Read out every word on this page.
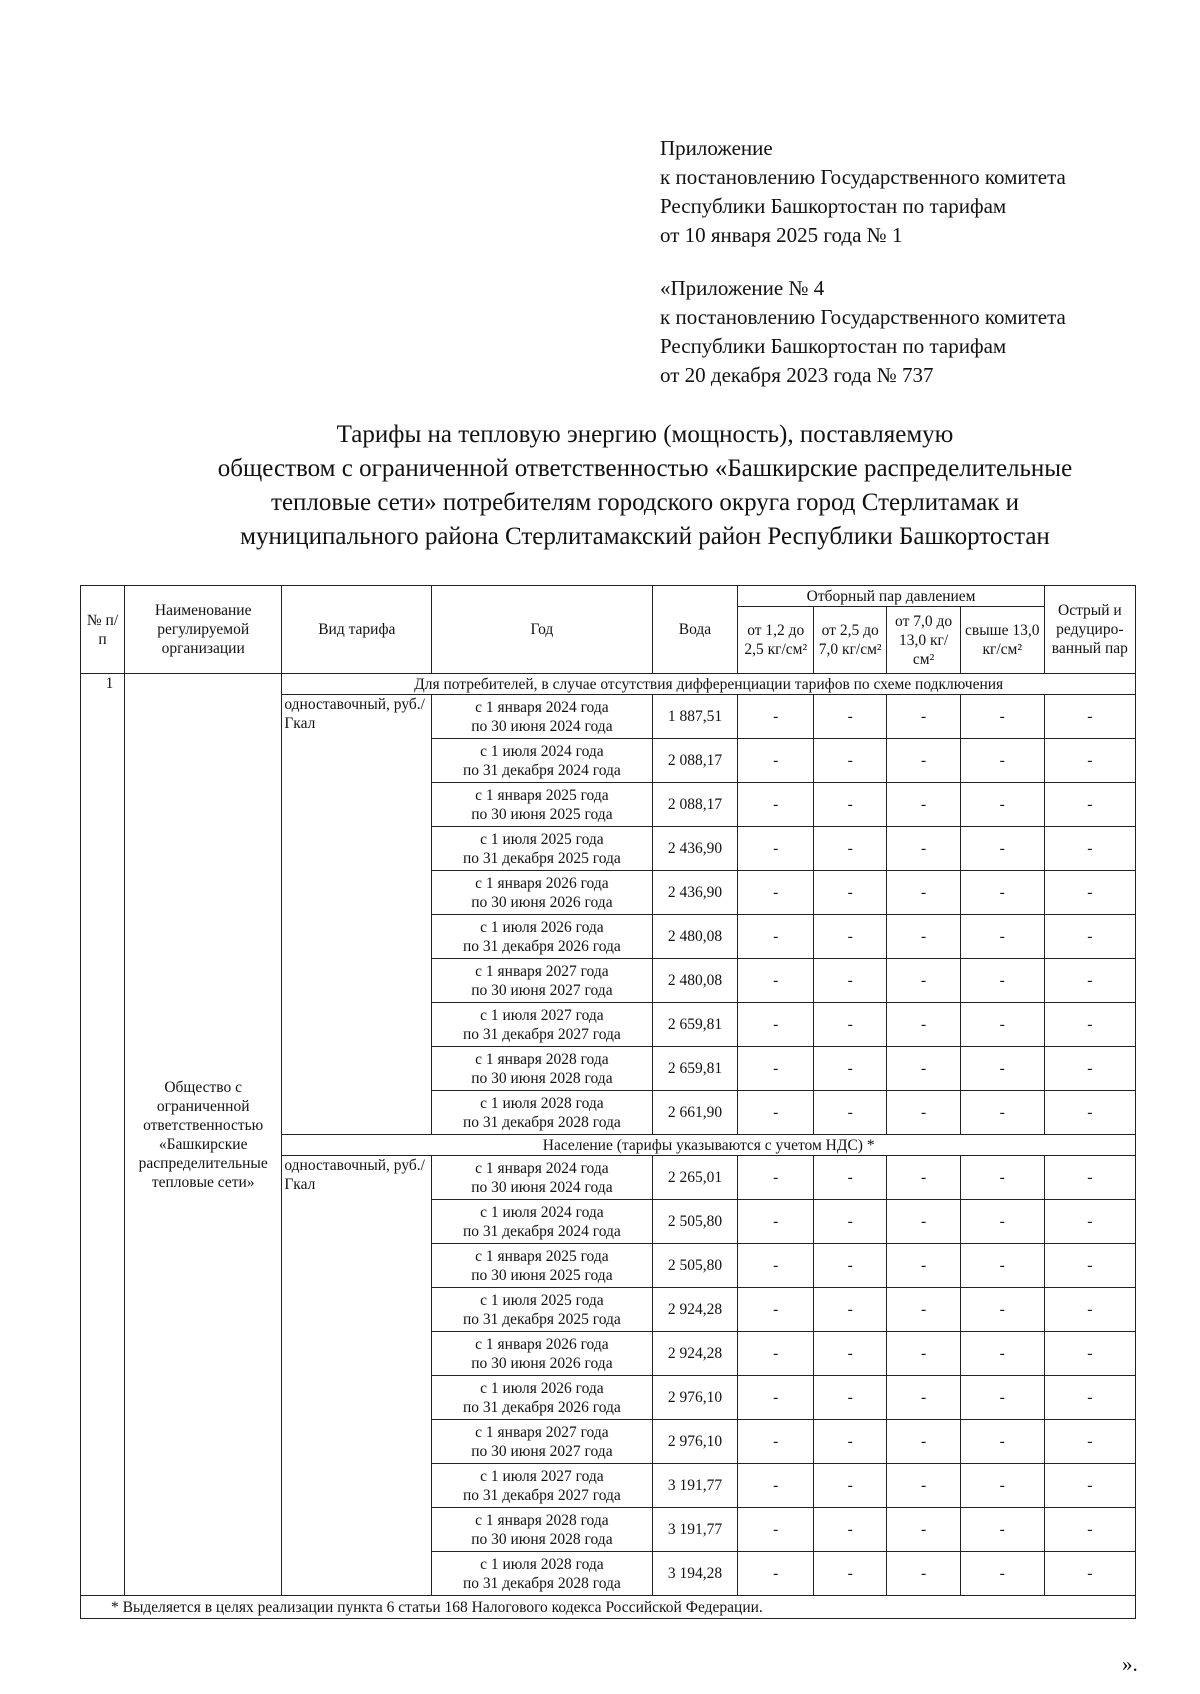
Приложение
к постановлению Государственного комитета
Республики Башкортостан по тарифам
от 10 января 2025 года № 1
«Приложение № 4
к постановлению Государственного комитета
Республики Башкортостан по тарифам
от 20 декабря 2023 года № 737
Тарифы на тепловую энергию (мощность), поставляемую
обществом с ограниченной ответственностью «Башкирские распределительные
тепловые сети» потребителям городского округа город Стерлитамак и
муниципального района Стерлитамакский район Республики Башкортостан
№ п/п	Наименование регулируемой организации	Вид тарифа	Год	Вода	Отборный пар давлением				Острый и редуциро-ванный пар
					от 1,2 до 2,5 кг/см²	от 2,5 до 7,0 кг/см²	от 7,0 до 13,0 кг/см²	свыше 13,0 кг/см²	
1	Общество с ограниченной ответственностью «Башкирские распределительные тепловые сети»	Для потребителей, в случае отсутствия дифференциации тарифов по схеме подключения							
		одноставочный, руб./Гкал	с 1 января 2024 года
по 30 июня 2024 года	1 887,51	-	-	-	-	-

			с 1 июля 2024 года
по 31 декабря 2024 года	2 088,17	-	-	-	-	-

			с 1 января 2025 года
по 30 июня 2025 года	2 088,17	-	-	-	-	-

			с 1 июля 2025 года
по 31 декабря 2025 года	2 436,90	-	-	-	-	-

			с 1 января 2026 года
по 30 июня 2026 года	2 436,90	-	-	-	-	-

			с 1 июля 2026 года
по 31 декабря 2026 года	2 480,08	-	-	-	-	-

			с 1 января 2027 года
по 30 июня 2027 года	2 480,08	-	-	-	-	-

			с 1 июля 2027 года
по 31 декабря 2027 года	2 659,81	-	-	-	-	-

			с 1 января 2028 года
по 30 июня 2028 года	2 659,81	-	-	-	-	-

			с 1 июля 2028 года
по 31 декабря 2028 года	2 661,90	-	-	-	-	-
		Население (тарифы указываются с учетом НДС) *							
		одноставочный, руб./Гкал	с 1 января 2024 года
по 30 июня 2024 года	2 265,01	-	-	-	-	-

			с 1 июля 2024 года
по 31 декабря 2024 года	2 505,80	-	-	-	-	-

			с 1 января 2025 года
по 30 июня 2025 года	2 505,80	-	-	-	-	-

			с 1 июля 2025 года
по 31 декабря 2025 года	2 924,28	-	-	-	-	-

			с 1 января 2026 года
по 30 июня 2026 года	2 924,28	-	-	-	-	-

			с 1 июля 2026 года
по 31 декабря 2026 года	2 976,10	-	-	-	-	-

			с 1 января 2027 года
по 30 июня 2027 года	2 976,10	-	-	-	-	-

			с 1 июля 2027 года
по 31 декабря 2027 года	3 191,77	-	-	-	-	-

			с 1 января 2028 года
по 30 июня 2028 года	3 191,77	-	-	-	-	-

			с 1 июля 2028 года
по 31 декабря 2028 года	3 194,28	-	-	-	-	-
* Выделяется в целях реализации пункта 6 статьи 168 Налогового кодекса Российской Федерации.									
».
